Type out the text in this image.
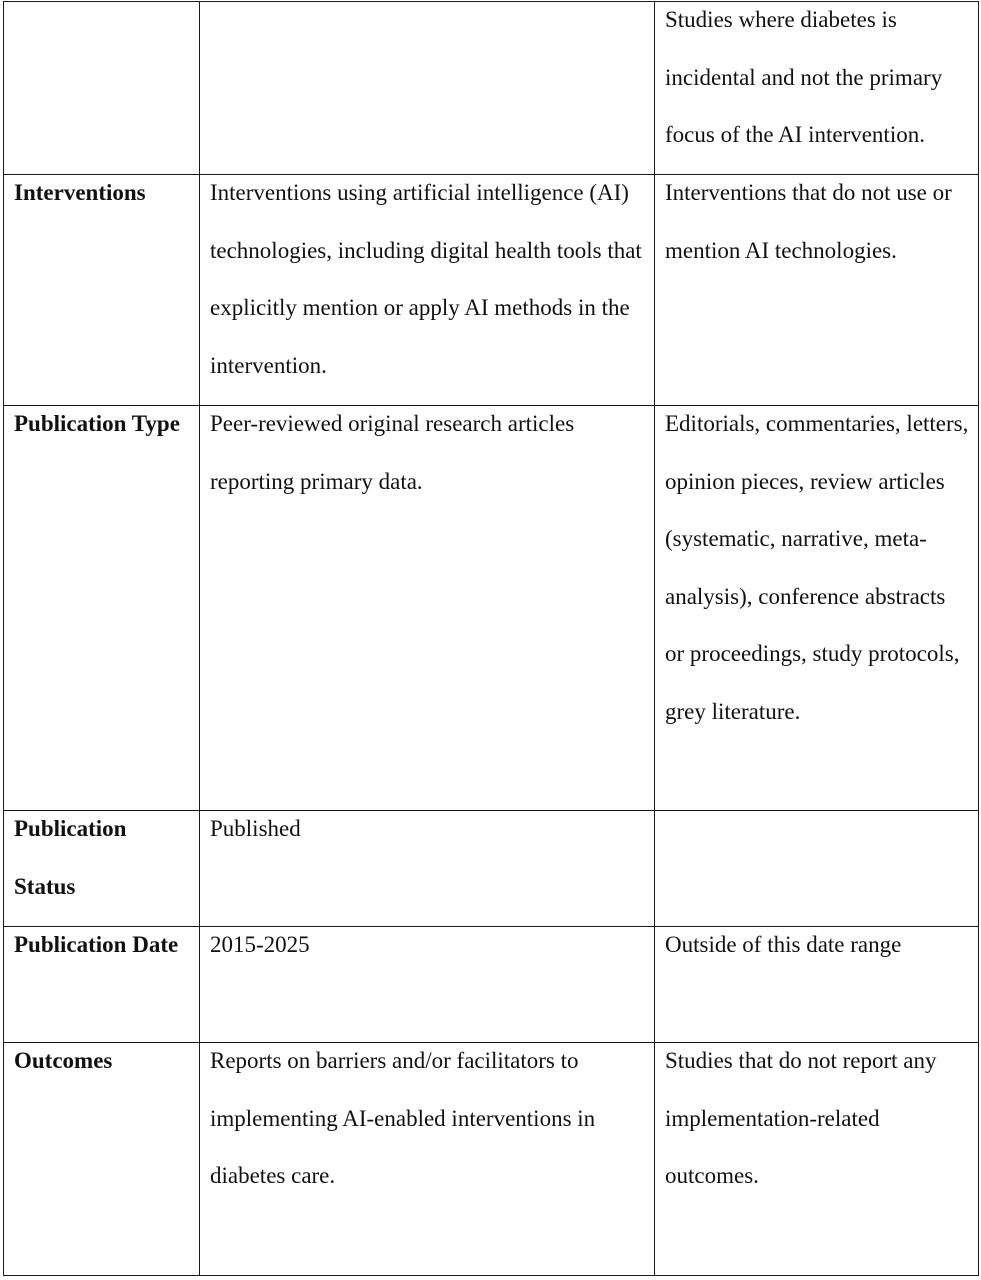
		Studies where diabetes is incidental and not the primary focus of the AI intervention.

Interventions	Interventions using artificial intelligence (AI) technologies, including digital health tools that explicitly mention or apply AI methods in the intervention.	Interventions that do not use or mention AI technologies.

Publication Type	Peer-reviewed original research articles reporting primary data.	Editorials, commentaries, letters, opinion pieces, review articles (systematic, narrative, meta-analysis), conference abstracts or proceedings, study protocols, grey literature.

Publication Status	Published	

Publication Date	2015-2025	Outside of this date range

Outcomes	Reports on barriers and/or facilitators to implementing AI-enabled interventions in diabetes care.	Studies that do not report any implementation-related outcomes.
